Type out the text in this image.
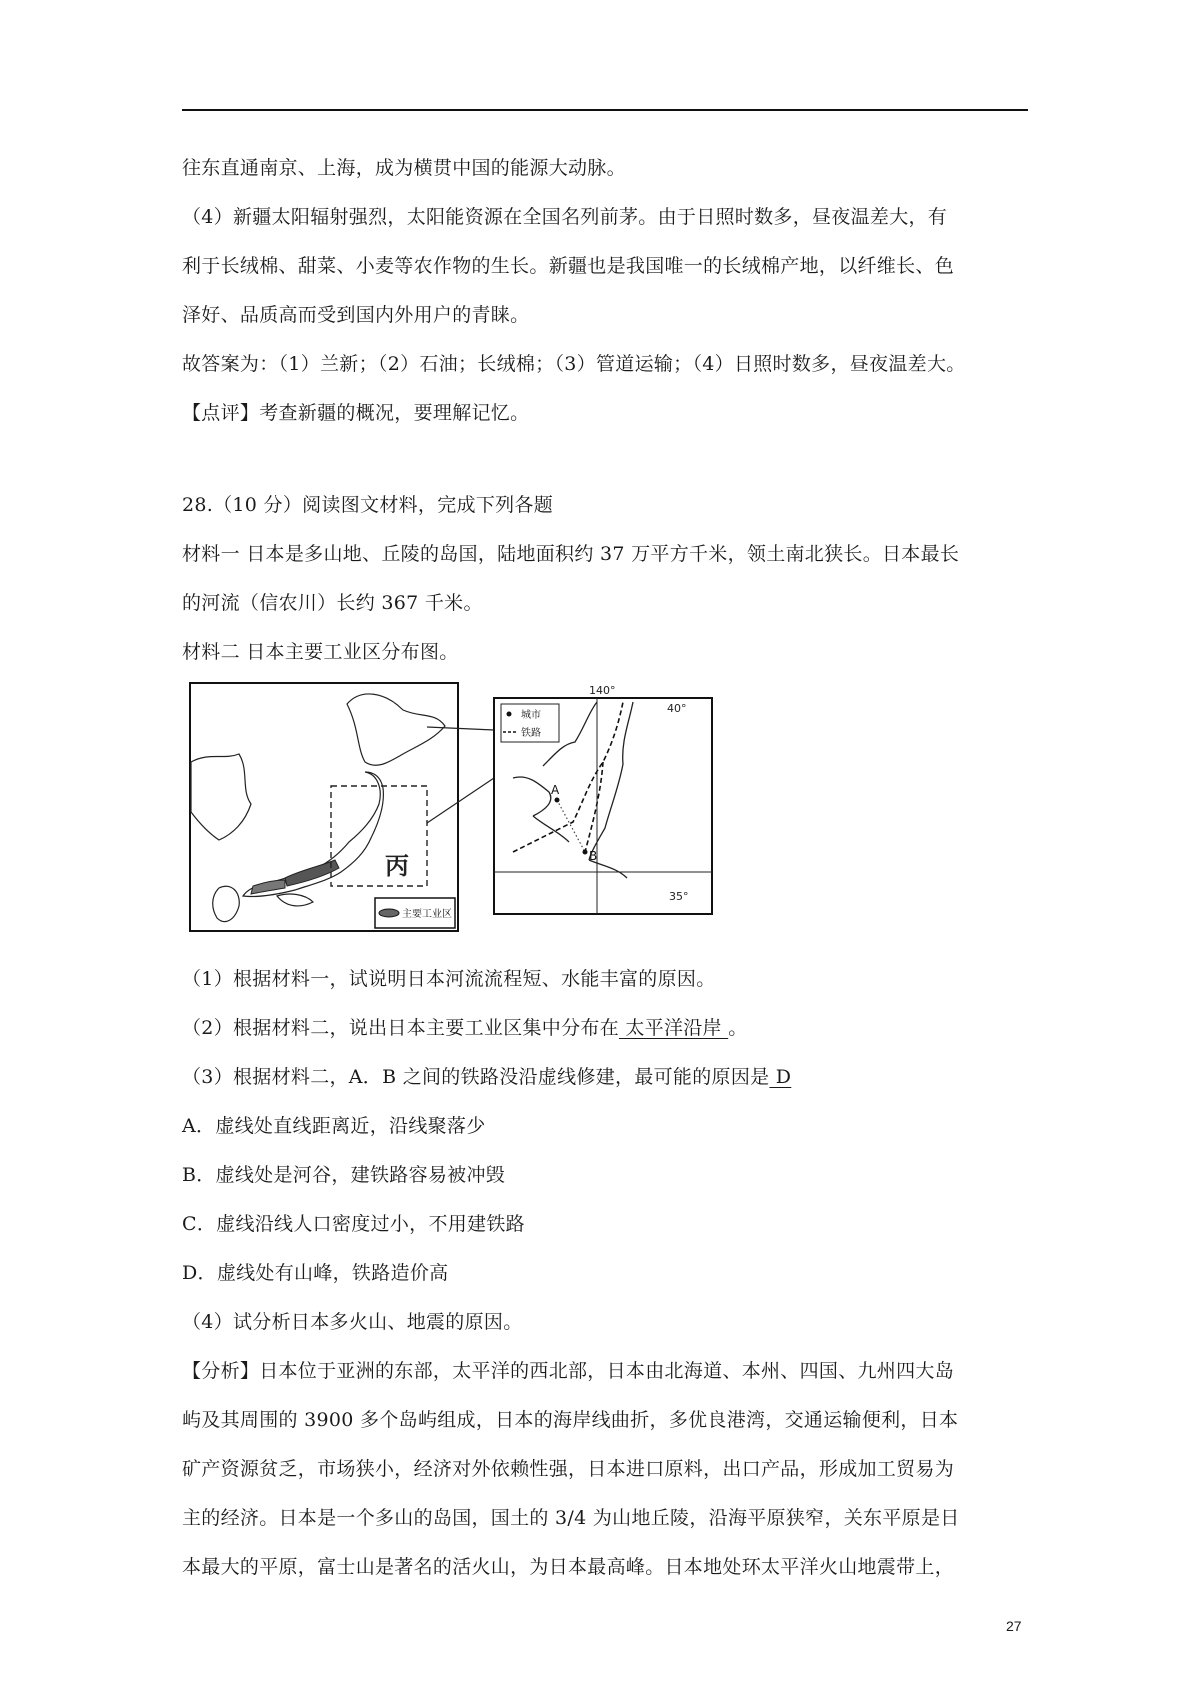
往东直通南京、上海，成为横贯中国的能源大动脉。
（4）新疆太阳辐射强烈，太阳能资源在全国名列前茅。由于日照时数多，昼夜温差大，有
利于长绒棉、甜菜、小麦等农作物的生长。新疆也是我国唯一的长绒棉产地，以纤维长、色
泽好、品质高而受到国内外用户的青睐。
故答案为：（1）兰新；（2）石油；长绒棉；（3）管道运输；（4）日照时数多，昼夜温差大。
【点评】考查新疆的概况，要理解记忆。
28.（10 分）阅读图文材料，完成下列各题
材料一 日本是多山地、丘陵的岛国，陆地面积约 37 万平方千米，领土南北狭长。日本最长
的河流（信农川）长约 367 千米。
材料二 日本主要工业区分布图。
丙
主要工业区
140°
40°
35°
城市
铁路
A
B
（1）根据材料一，试说明日本河流流程短、水能丰富的原因。
（2）根据材料二，说出日本主要工业区集中分布在 太平洋沿岸 。
（3）根据材料二，A．B 之间的铁路没沿虚线修建，最可能的原因是 D
A．虚线处直线距离近，沿线聚落少
B．虚线处是河谷，建铁路容易被冲毁
C．虚线沿线人口密度过小，不用建铁路
D．虚线处有山峰，铁路造价高
（4）试分析日本多火山、地震的原因。
【分析】日本位于亚洲的东部，太平洋的西北部，日本由北海道、本州、四国、九州四大岛
屿及其周围的 3900 多个岛屿组成，日本的海岸线曲折，多优良港湾，交通运输便利，日本
矿产资源贫乏，市场狭小，经济对外依赖性强，日本进口原料，出口产品，形成加工贸易为
主的经济。日本是一个多山的岛国，国土的 3/4 为山地丘陵，沿海平原狭窄，关东平原是日
本最大的平原，富士山是著名的活火山，为日本最高峰。日本地处环太平洋火山地震带上，
27
